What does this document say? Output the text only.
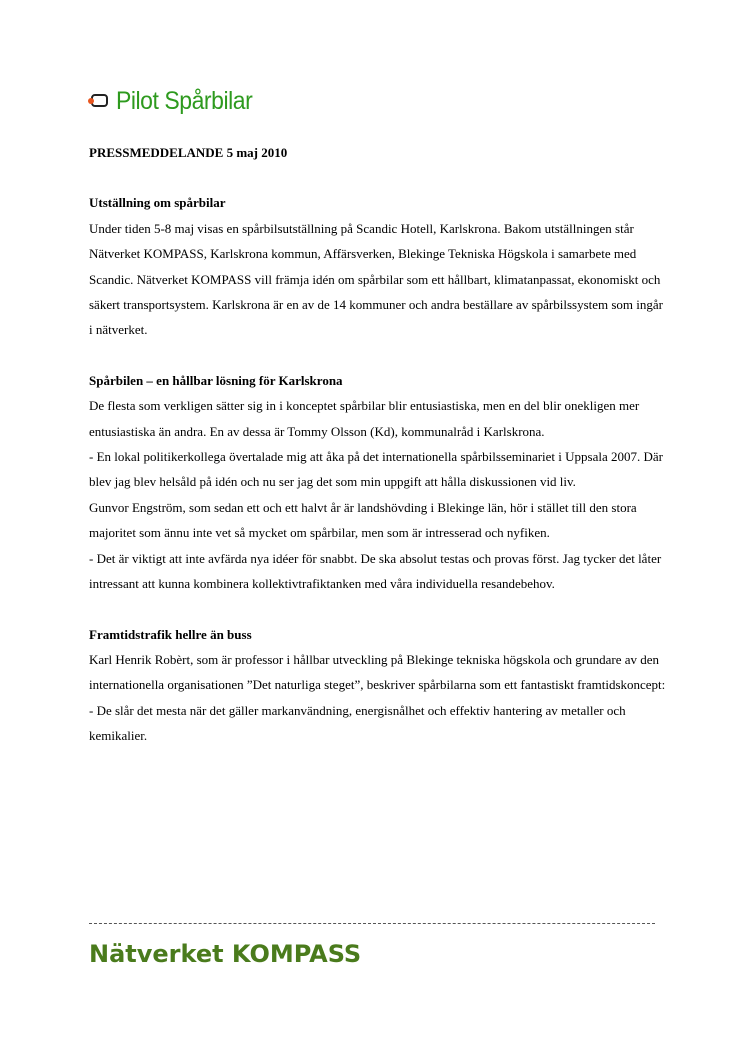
Pilot Spårbilar
PRESSMEDDELANDE 5 maj 2010
Utställning om spårbilar

Under tiden 5-8 maj visas en spårbilsutställning på Scandic Hotell, Karlskrona. Bakom utställningen står Nätverket KOMPASS, Karlskrona kommun, Affärsverken, Blekinge Tekniska Högskola i samarbete med Scandic. Nätverket KOMPASS vill främja idén om spårbilar som ett hållbart, klimatanpassat, ekonomiskt och säkert transportsystem. Karlskrona är en av de 14 kommuner och andra beställare av spårbilssystem som ingår i nätverket.

Spårbilen – en hållbar lösning för Karlskrona

De flesta som verkligen sätter sig in i konceptet spårbilar blir entusiastiska, men en del blir onekligen mer entusiastiska än andra. En av dessa är Tommy Olsson (Kd), kommunalråd i Karlskrona.

- En lokal politikerkollega övertalade mig att åka på det internationella spårbilsseminariet i Uppsala 2007. Där blev jag blev helsåld på idén och nu ser jag det som min uppgift att hålla diskussionen vid liv.

Gunvor Engström, som sedan ett och ett halvt år är landshövding i Blekinge län, hör i stället till den stora majoritet som ännu inte vet så mycket om spårbilar, men som är intresserad och nyfiken.

- Det är viktigt att inte avfärda nya idéer för snabbt. De ska absolut testas och provas först. Jag tycker det låter intressant att kunna kombinera kollektivtrafiktanken med våra individuella resandebehov.

Framtidstrafik hellre än buss

Karl Henrik Robèrt, som är professor i hållbar utveckling på Blekinge tekniska högskola och grundare av den internationella organisationen ”Det naturliga steget”, beskriver spårbilarna som ett fantastiskt framtidskoncept:

- De slår det mesta när det gäller markanvändning, energisnålhet och effektiv hantering av metaller och kemikalier.

Nätverket KOMPASS
